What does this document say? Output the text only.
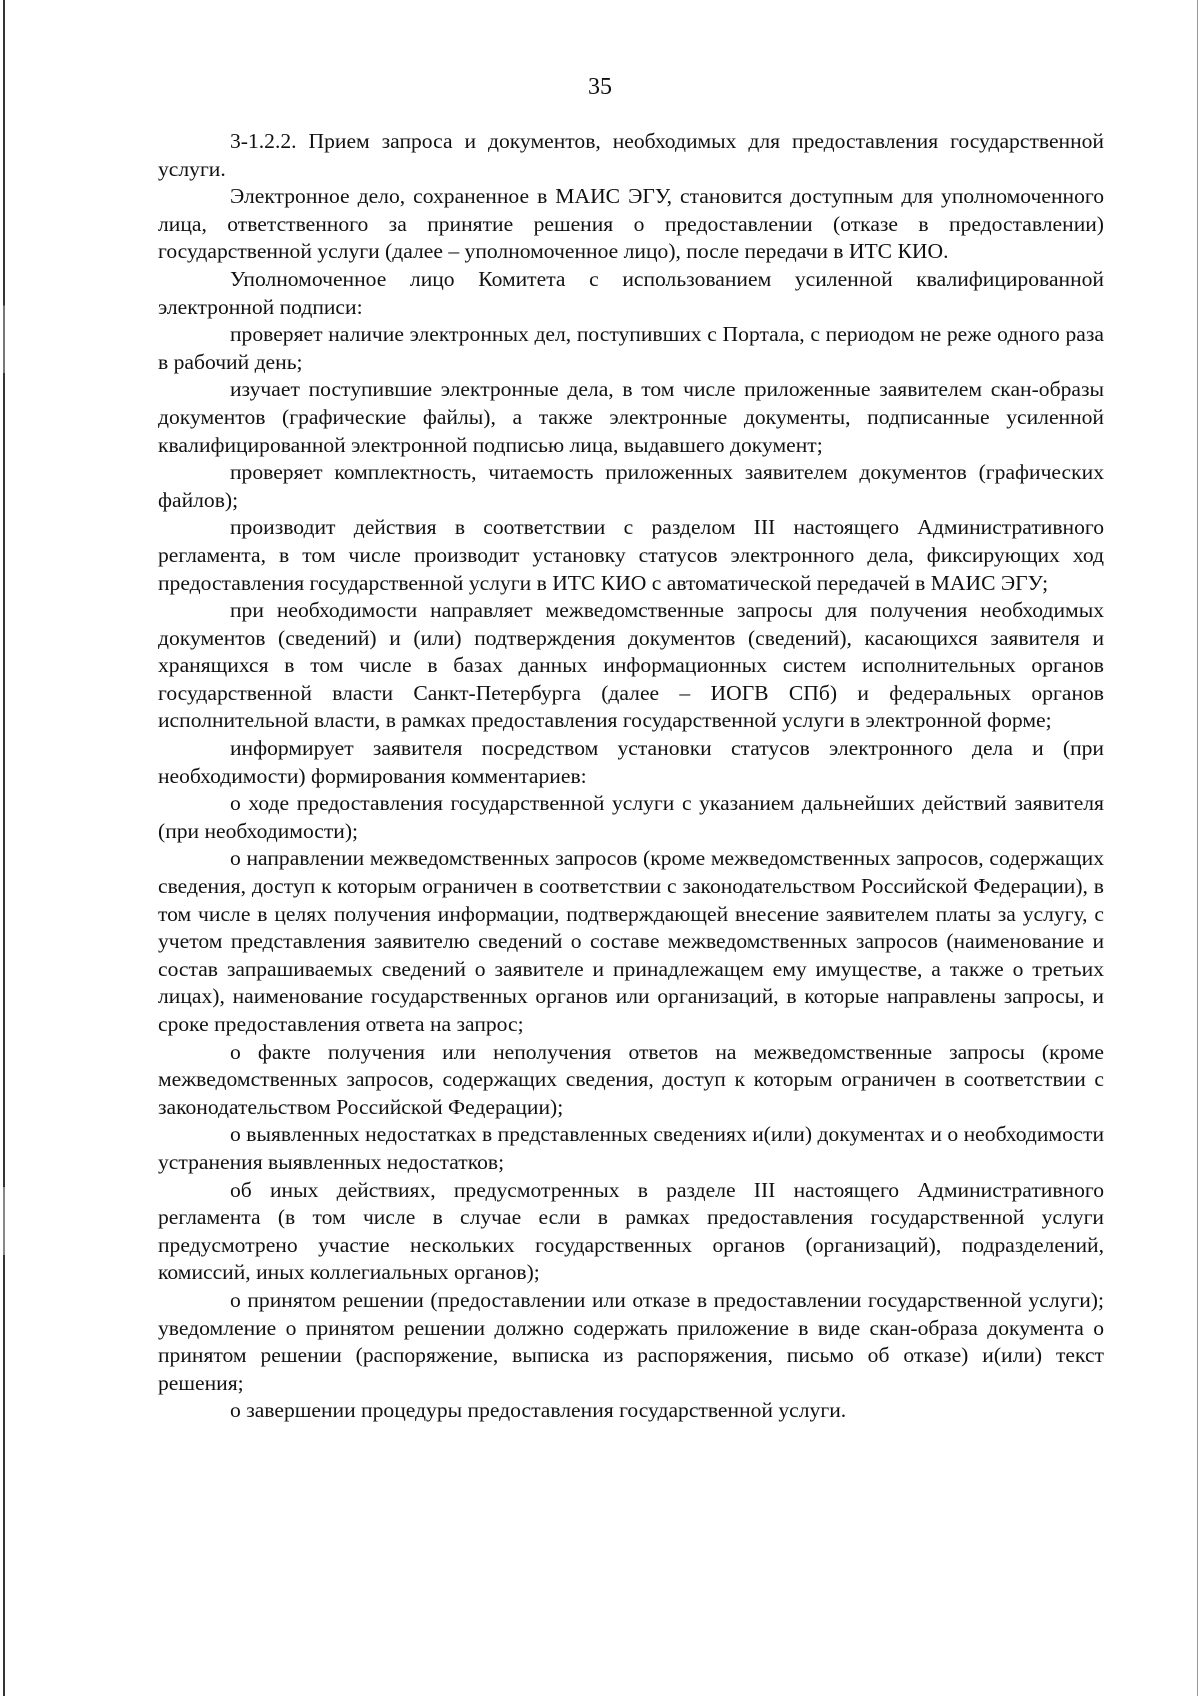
35

3-1.2.2. Прием запроса и документов, необходимых для предоставления государственной услуги.

Электронное дело, сохраненное в МАИС ЭГУ, становится доступным для уполномоченного лица, ответственного за принятие решения о предоставлении (отказе в предоставлении) государственной услуги (далее – уполномоченное лицо), после передачи в ИТС КИО.

Уполномоченное лицо Комитета с использованием усиленной квалифицированной электронной подписи:

проверяет наличие электронных дел, поступивших с Портала, с периодом не реже одного раза в рабочий день;

изучает поступившие электронные дела, в том числе приложенные заявителем скан-образы документов (графические файлы), а также электронные документы, подписанные усиленной квалифицированной электронной подписью лица, выдавшего документ;

проверяет комплектность, читаемость приложенных заявителем документов (графических файлов);

производит действия в соответствии с разделом III настоящего Административного регламента, в том числе производит установку статусов электронного дела, фиксирующих ход предоставления государственной услуги в ИТС КИО с автоматической передачей в МАИС ЭГУ;

при необходимости направляет межведомственные запросы для получения необходимых документов (сведений) и (или) подтверждения документов (сведений), касающихся заявителя и хранящихся в том числе в базах данных информационных систем исполнительных органов государственной власти Санкт-Петербурга (далее – ИОГВ СПб) и федеральных органов исполнительной власти, в рамках предоставления государственной услуги в электронной форме;

информирует заявителя посредством установки статусов электронного дела и (при необходимости) формирования комментариев:

о ходе предоставления государственной услуги с указанием дальнейших действий заявителя (при необходимости);

о направлении межведомственных запросов (кроме межведомственных запросов, содержащих сведения, доступ к которым ограничен в соответствии с законодательством Российской Федерации), в том числе в целях получения информации, подтверждающей внесение заявителем платы за услугу, с учетом представления заявителю сведений о составе межведомственных запросов (наименование и состав запрашиваемых сведений о заявителе и принадлежащем ему имуществе, а также о третьих лицах), наименование государственных органов или организаций, в которые направлены запросы, и сроке предоставления ответа на запрос;

о факте получения или неполучения ответов на межведомственные запросы (кроме межведомственных запросов, содержащих сведения, доступ к которым ограничен в соответствии с законодательством Российской Федерации);

о выявленных недостатках в представленных сведениях и(или) документах и о необходимости устранения выявленных недостатков;

об иных действиях, предусмотренных в разделе III настоящего Административного регламента (в том числе в случае если в рамках предоставления государственной услуги предусмотрено участие нескольких государственных органов (организаций), подразделений, комиссий, иных коллегиальных органов);

о принятом решении (предоставлении или отказе в предоставлении государственной услуги); уведомление о принятом решении должно содержать приложение в виде скан-образа документа о принятом решении (распоряжение, выписка из распоряжения, письмо об отказе) и(или) текст решения;

о завершении процедуры предоставления государственной услуги.
